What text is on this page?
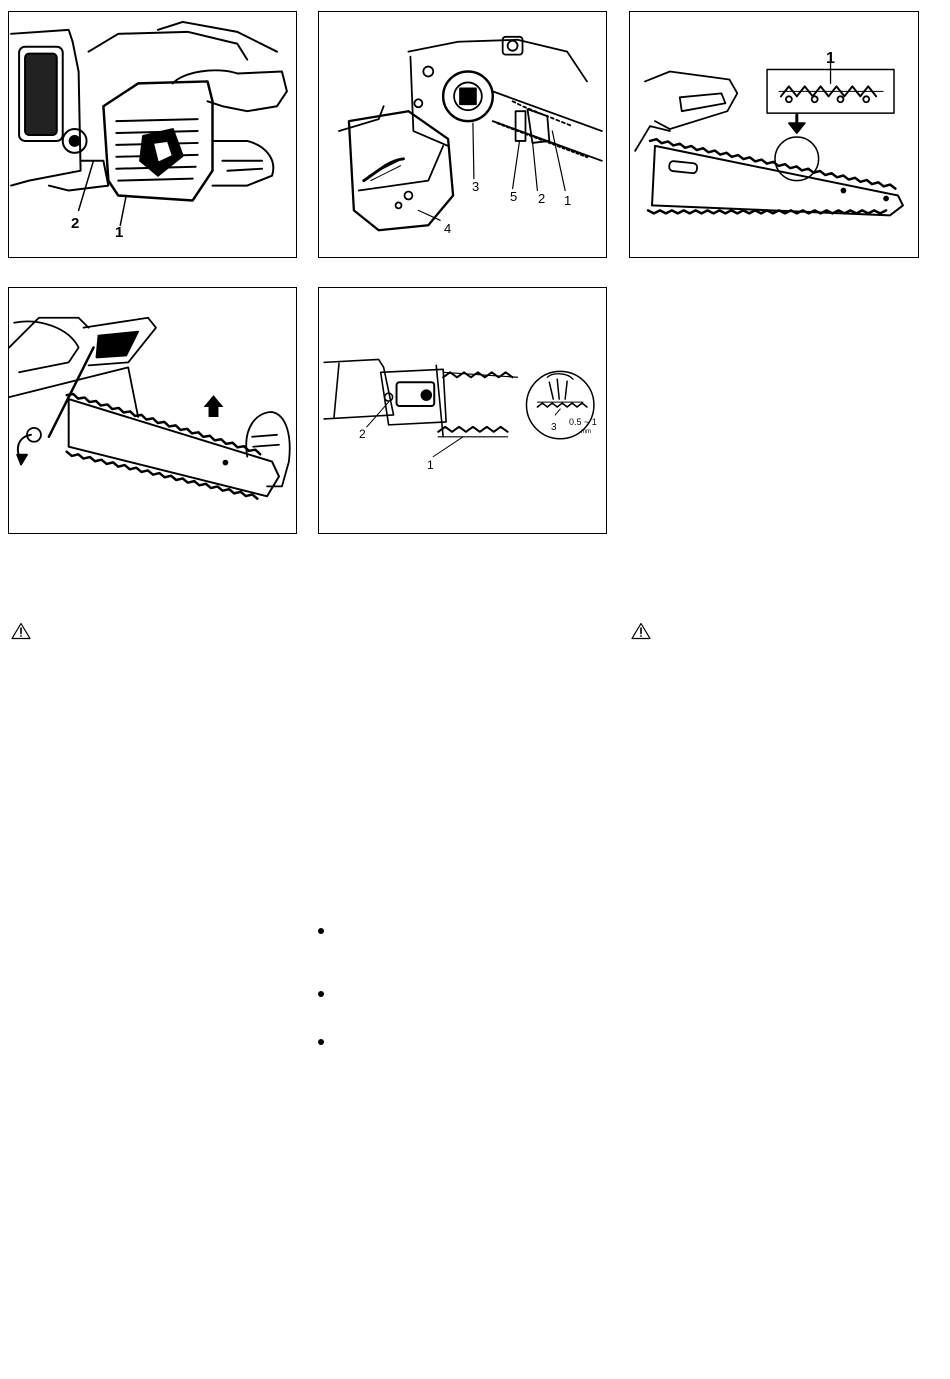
2
1
3
5 2 1
4
1
2
1
3 0.5 ~ 1
mm
